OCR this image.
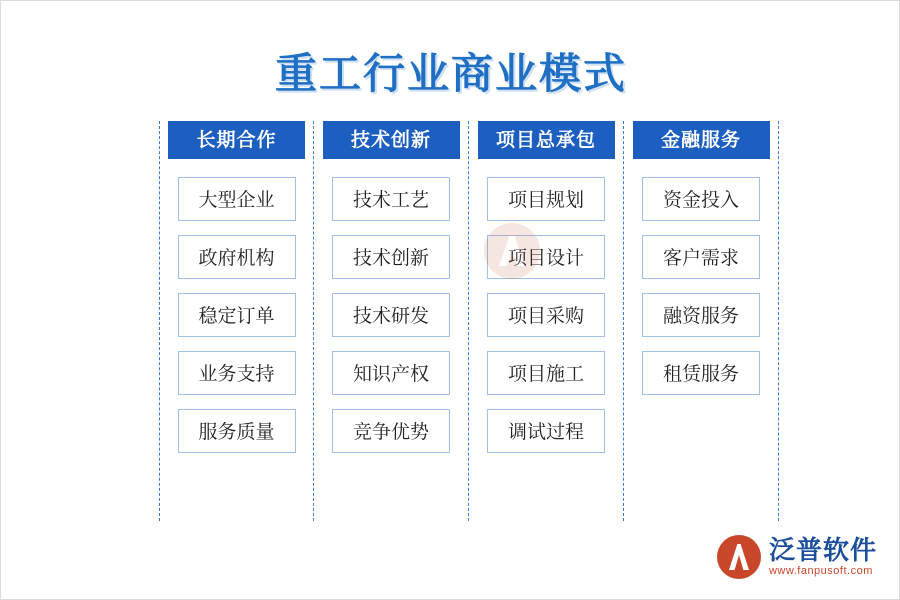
重工行业商业模式
长期合作
大型企业
政府机构
稳定订单
业务支持
服务质量
技术创新
技术工艺
技术创新
技术研发
知识产权
竞争优势
项目总承包
项目规划
项目设计
项目采购
项目施工
调试过程
金融服务
资金投入
客户需求
融资服务
租赁服务
泛普软件
www.fanpusoft.com
